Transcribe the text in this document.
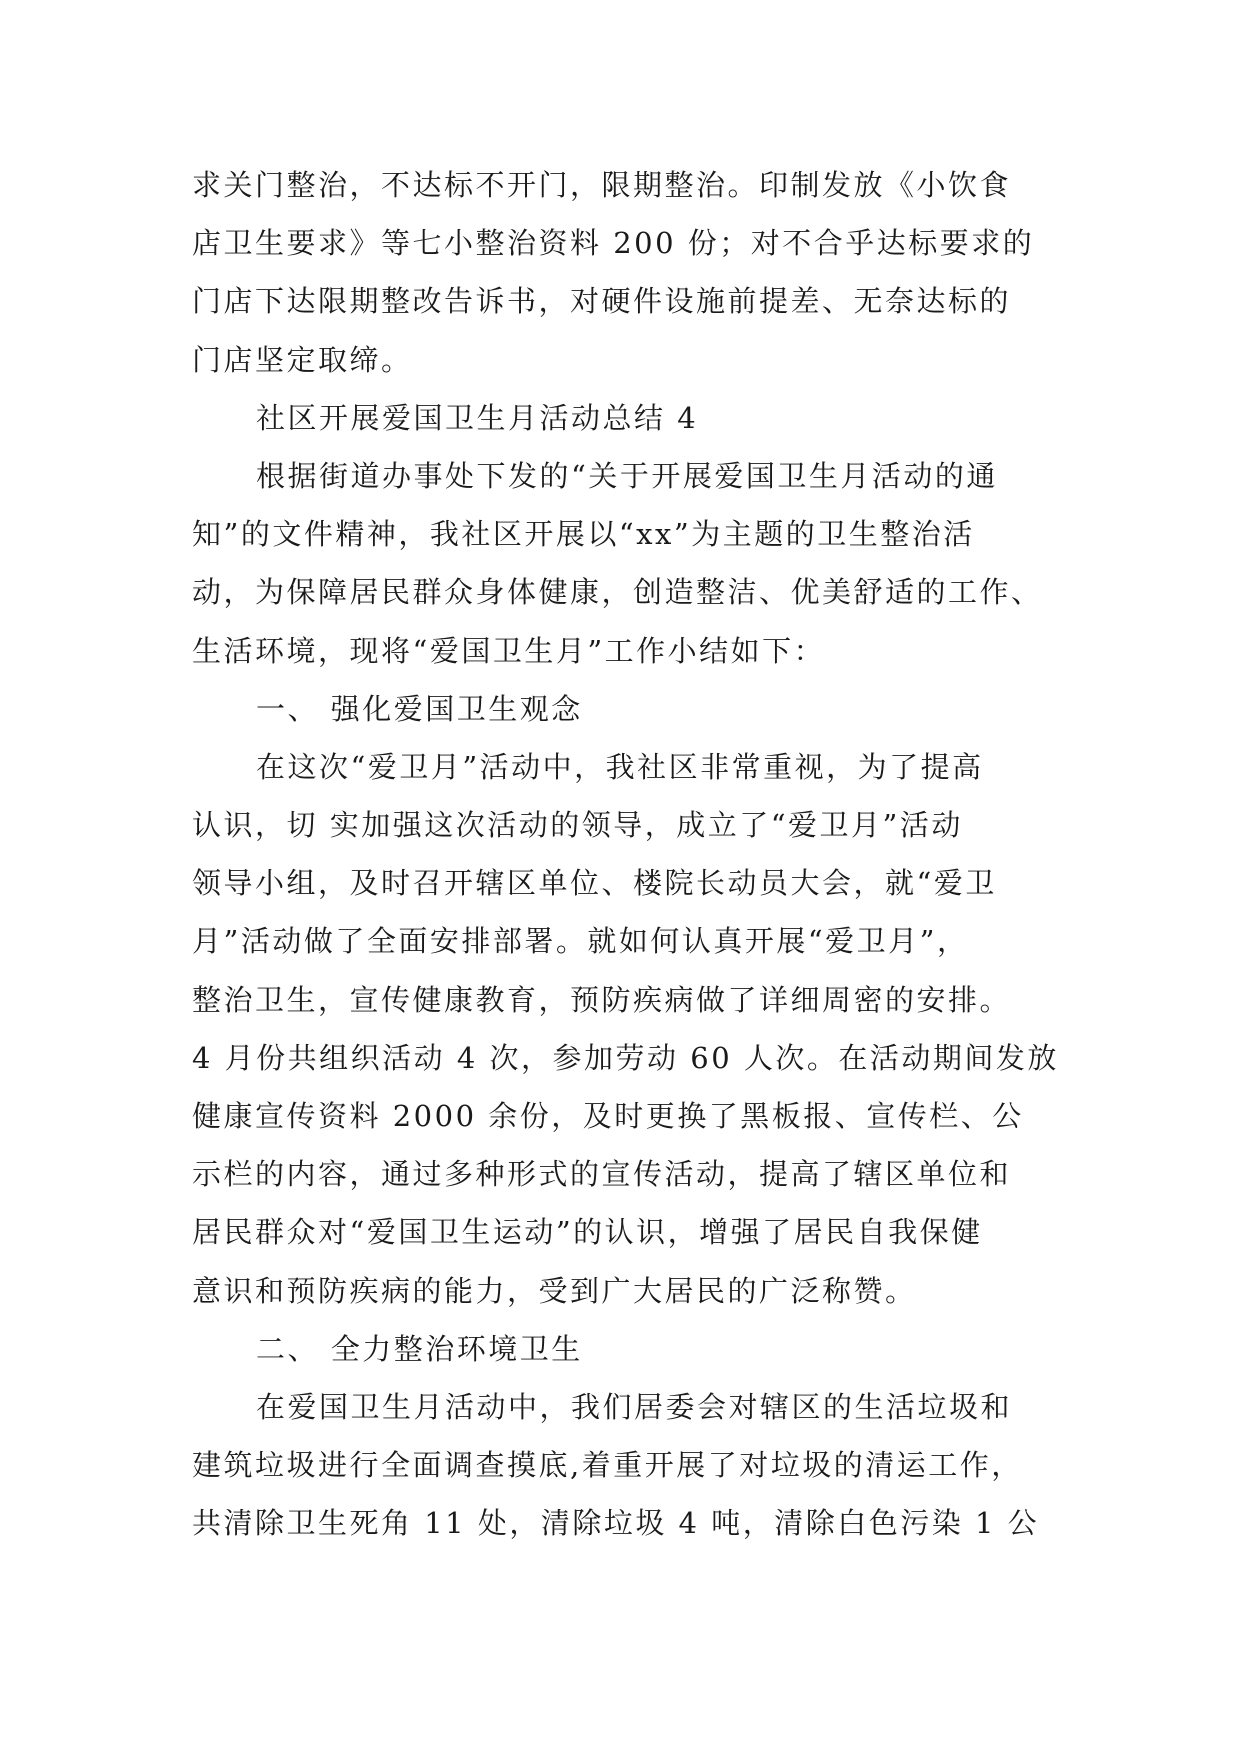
求关门整治，不达标不开门，限期整治。印制发放《小饮食
店卫生要求》等七小整治资料 200 份；对不合乎达标要求的
门店下达限期整改告诉书，对硬件设施前提差、无奈达标的
门店坚定取缔。
社区开展爱国卫生月活动总结 4
根据街道办事处下发的“关于开展爱国卫生月活动的通
知”的文件精神，我社区开展以“xx”为主题的卫生整治活
动，为保障居民群众身体健康，创造整洁、优美舒适的工作、
生活环境，现将“爱国卫生月”工作小结如下：
一、 强化爱国卫生观念
在这次“爱卫月”活动中，我社区非常重视，为了提高
认识，切 实加强这次活动的领导，成立了“爱卫月”活动
领导小组，及时召开辖区单位、楼院长动员大会，就“爱卫
月”活动做了全面安排部署。就如何认真开展“爱卫月”，
整治卫生，宣传健康教育，预防疾病做了详细周密的安排。
4 月份共组织活动 4 次，参加劳动 60 人次。在活动期间发放
健康宣传资料 2000 余份，及时更换了黑板报、宣传栏、公
示栏的内容，通过多种形式的宣传活动，提高了辖区单位和
居民群众对“爱国卫生运动”的认识，增强了居民自我保健
意识和预防疾病的能力，受到广大居民的广泛称赞。
二、 全力整治环境卫生
在爱国卫生月活动中，我们居委会对辖区的生活垃圾和
建筑垃圾进行全面调查摸底,着重开展了对垃圾的清运工作，
共清除卫生死角 11 处，清除垃圾 4 吨，清除白色污染 1 公
